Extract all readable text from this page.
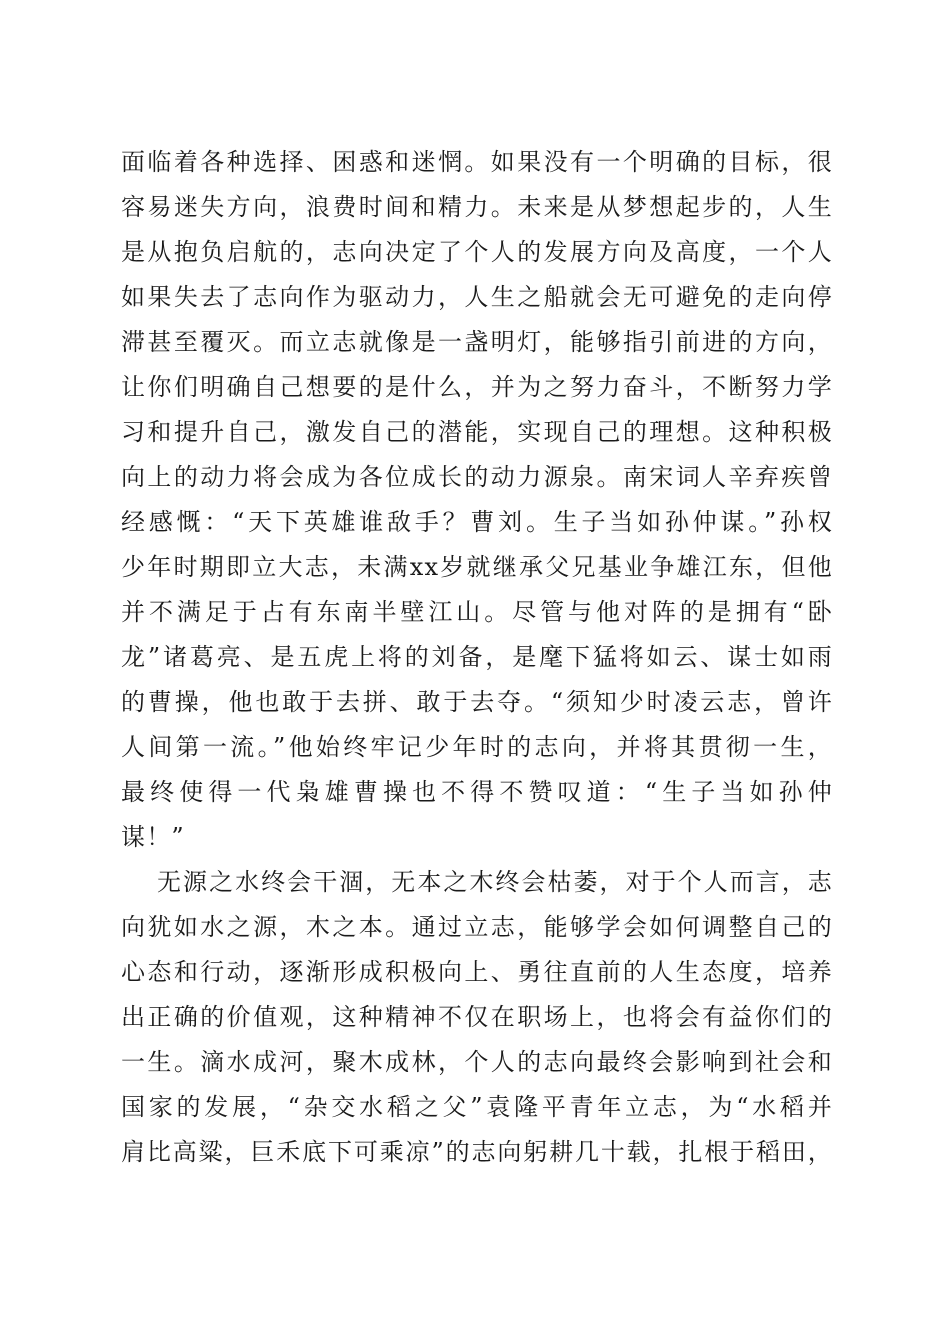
面临着各种选择、困惑和迷惘。如果没有一个明确的目标，很
容易迷失方向，浪费时间和精力。未来是从梦想起步的，人生
是从抱负启航的，志向决定了个人的发展方向及高度，一个人
如果失去了志向作为驱动力，人生之船就会无可避免的走向停
滞甚至覆灭。而立志就像是一盏明灯，能够指引前进的方向，
让你们明确自己想要的是什么，并为之努力奋斗，不断努力学
习和提升自己，激发自己的潜能，实现自己的理想。这种积极
向上的动力将会成为各位成长的动力源泉。南宋词人辛弃疾曾
经感慨：“天下英雄谁敌手？曹刘。生子当如孙仲谋。”孙权
少年时期即立大志，未满xx岁就继承父兄基业争雄江东，但他
并不满足于占有东南半壁江山。尽管与他对阵的是拥有“卧
龙”诸葛亮、是五虎上将的刘备，是麾下猛将如云、谋士如雨
的曹操，他也敢于去拼、敢于去夺。“须知少时凌云志，曾许
人间第一流。”他始终牢记少年时的志向，并将其贯彻一生，
最终使得一代枭雄曹操也不得不赞叹道：“生子当如孙仲
谋！”
无源之水终会干涸，无本之木终会枯萎，对于个人而言，志
向犹如水之源，木之本。通过立志，能够学会如何调整自己的
心态和行动，逐渐形成积极向上、勇往直前的人生态度，培养
出正确的价值观，这种精神不仅在职场上，也将会有益你们的
一生。滴水成河，聚木成林，个人的志向最终会影响到社会和
国家的发展，“杂交水稻之父”袁隆平青年立志，为“水稻并
肩比高粱，巨禾底下可乘凉”的志向躬耕几十载，扎根于稻田，
